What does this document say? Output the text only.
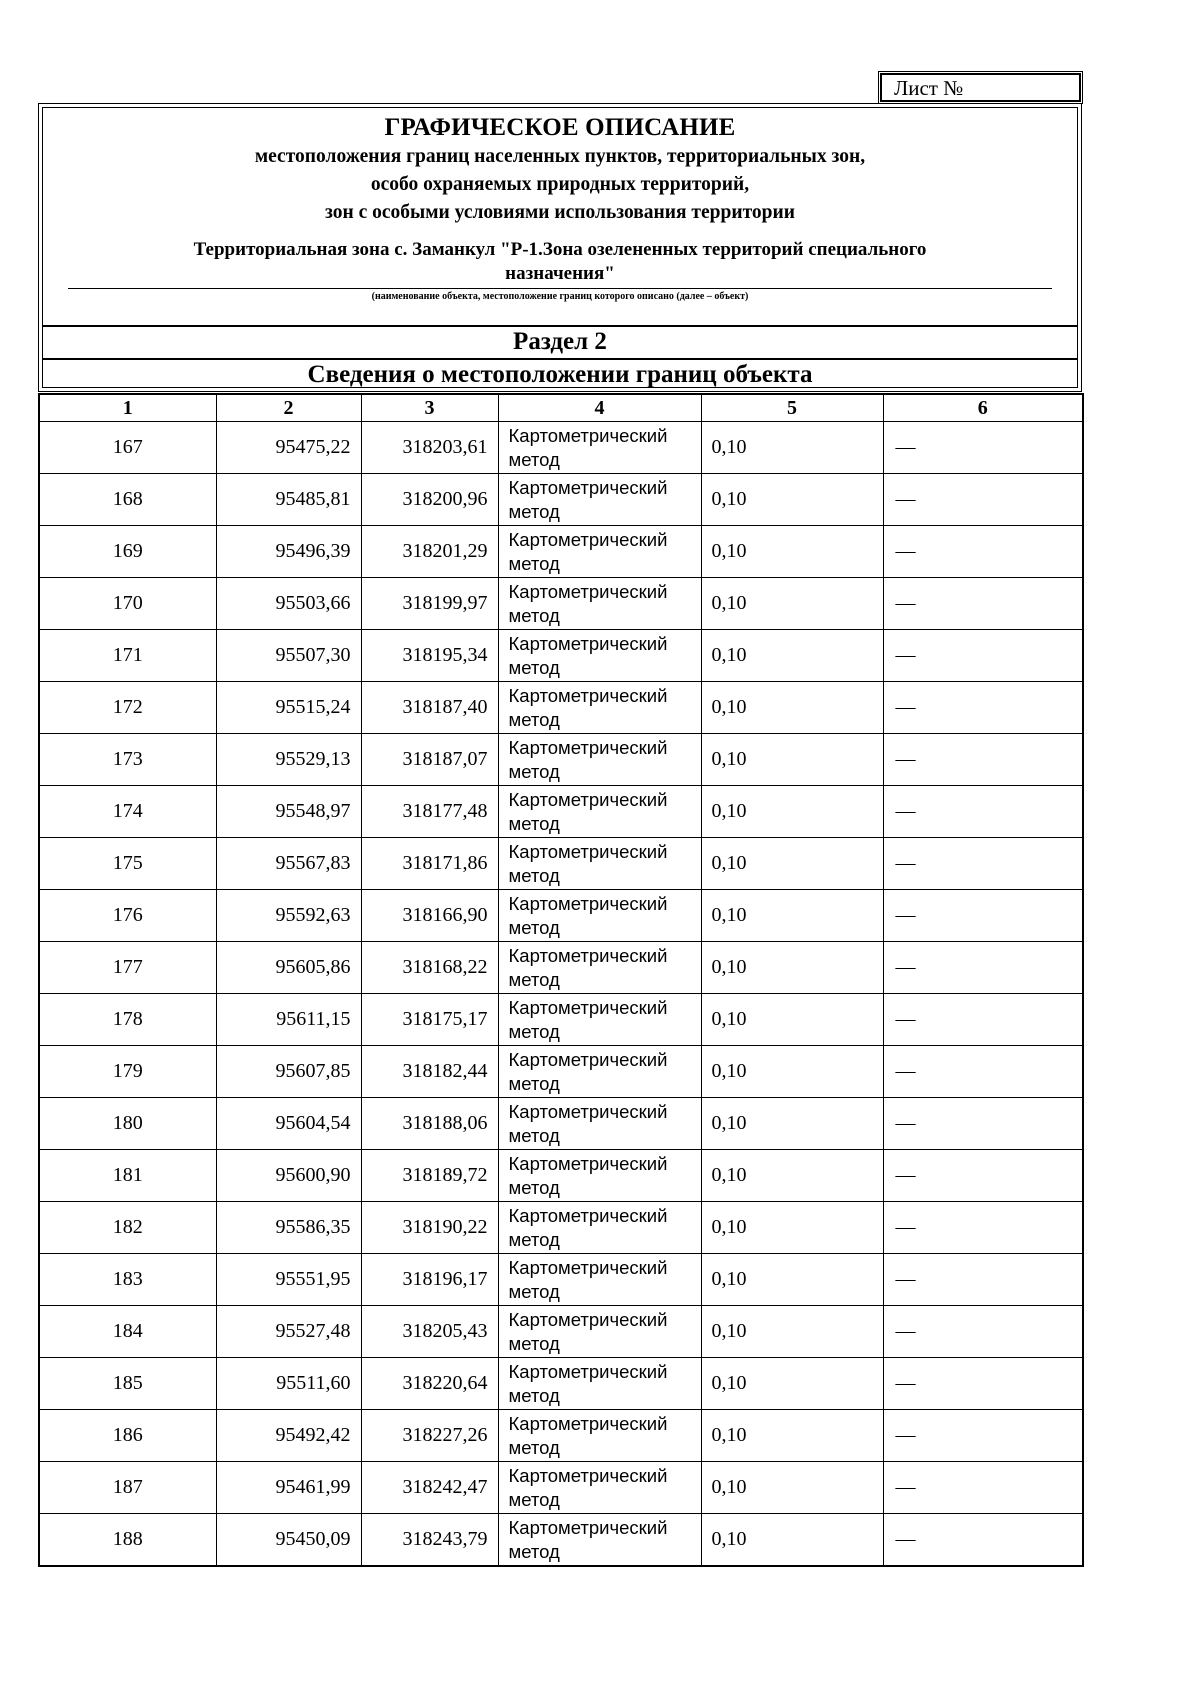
Лист №
ГРАФИЧЕСКОЕ ОПИСАНИЕ
местоположения границ населенных пунктов, территориальных зон,
особо охраняемых природных территорий,
зон с особыми условиями использования территории
Территориальная зона с. Заманкул "Р-1.Зона озелененных территорий специального
назначения"
(наименование объекта, местоположение границ которого описано (далее – объект)
Раздел 2
Сведения о местоположении границ объекта
1	2	3	4	5	6
167	95475,22	318203,61	Картометрический
метод	0,10	—
168	95485,81	318200,96	Картометрический
метод	0,10	—
169	95496,39	318201,29	Картометрический
метод	0,10	—
170	95503,66	318199,97	Картометрический
метод	0,10	—
171	95507,30	318195,34	Картометрический
метод	0,10	—
172	95515,24	318187,40	Картометрический
метод	0,10	—
173	95529,13	318187,07	Картометрический
метод	0,10	—
174	95548,97	318177,48	Картометрический
метод	0,10	—
175	95567,83	318171,86	Картометрический
метод	0,10	—
176	95592,63	318166,90	Картометрический
метод	0,10	—
177	95605,86	318168,22	Картометрический
метод	0,10	—
178	95611,15	318175,17	Картометрический
метод	0,10	—
179	95607,85	318182,44	Картометрический
метод	0,10	—
180	95604,54	318188,06	Картометрический
метод	0,10	—
181	95600,90	318189,72	Картометрический
метод	0,10	—
182	95586,35	318190,22	Картометрический
метод	0,10	—
183	95551,95	318196,17	Картометрический
метод	0,10	—
184	95527,48	318205,43	Картометрический
метод	0,10	—
185	95511,60	318220,64	Картометрический
метод	0,10	—
186	95492,42	318227,26	Картометрический
метод	0,10	—
187	95461,99	318242,47	Картометрический
метод	0,10	—
188	95450,09	318243,79	Картометрический
метод	0,10	—
